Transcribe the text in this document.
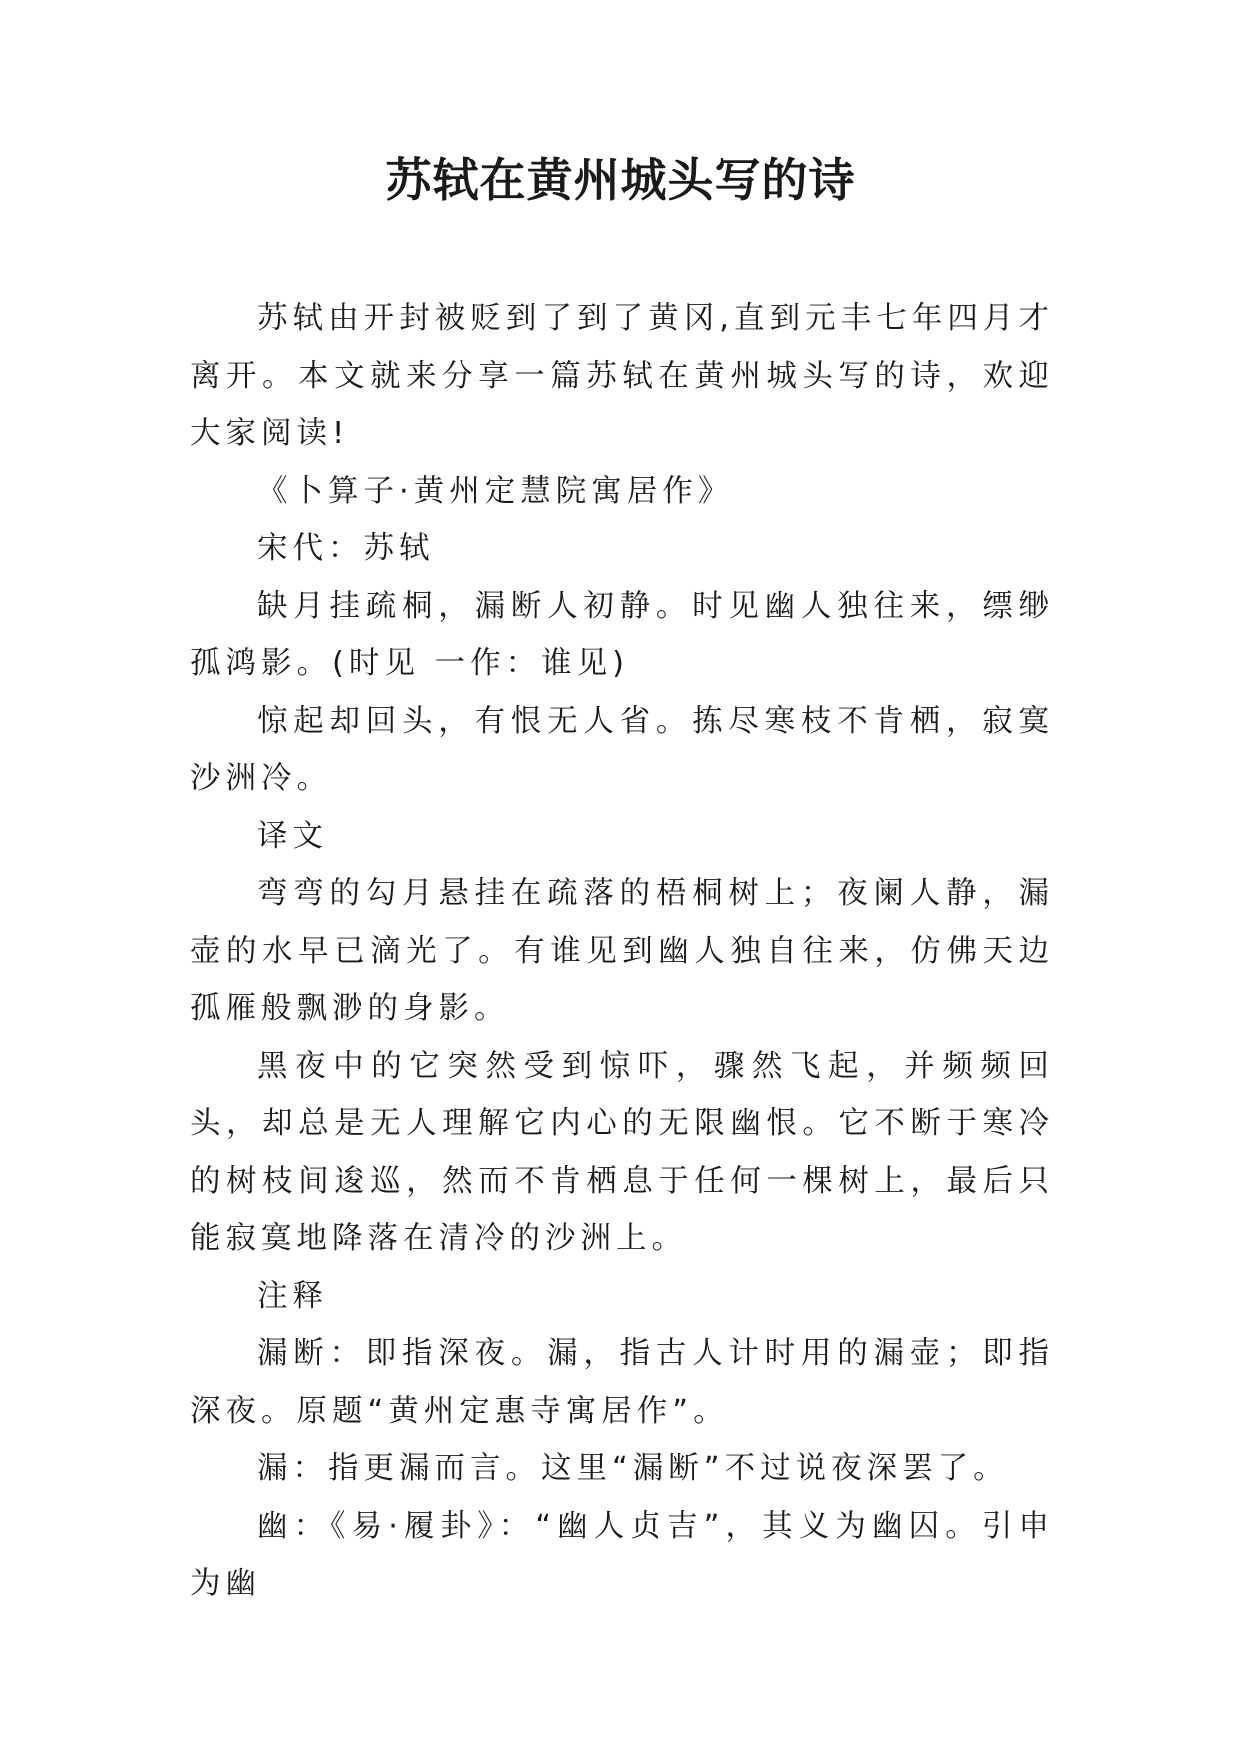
苏轼在黄州城头写的诗

苏轼由开封被贬到了到了黄冈,直到元丰七年四月才离开。本文就来分享一篇苏轼在黄州城头写的诗，欢迎大家阅读!

《卜算子·黄州定慧院寓居作》

宋代：苏轼

缺月挂疏桐，漏断人初静。时见幽人独往来，缥缈孤鸿影。(时见 一作：谁见)

惊起却回头，有恨无人省。拣尽寒枝不肯栖，寂寞沙洲冷。

译文

弯弯的勾月悬挂在疏落的梧桐树上；夜阑人静，漏壶的水早已滴光了。有谁见到幽人独自往来，仿佛天边孤雁般飘渺的身影。

黑夜中的它突然受到惊吓，骤然飞起，并频频回头，却总是无人理解它内心的无限幽恨。它不断于寒冷的树枝间逡巡，然而不肯栖息于任何一棵树上，最后只能寂寞地降落在清冷的沙洲上。

注释

漏断：即指深夜。漏，指古人计时用的漏壶；即指深夜。原题“黄州定惠寺寓居作”。

漏：指更漏而言。这里“漏断”不过说夜深罢了。

幽：《易·履卦》：“幽人贞吉”，其义为幽囚。引申为幽
